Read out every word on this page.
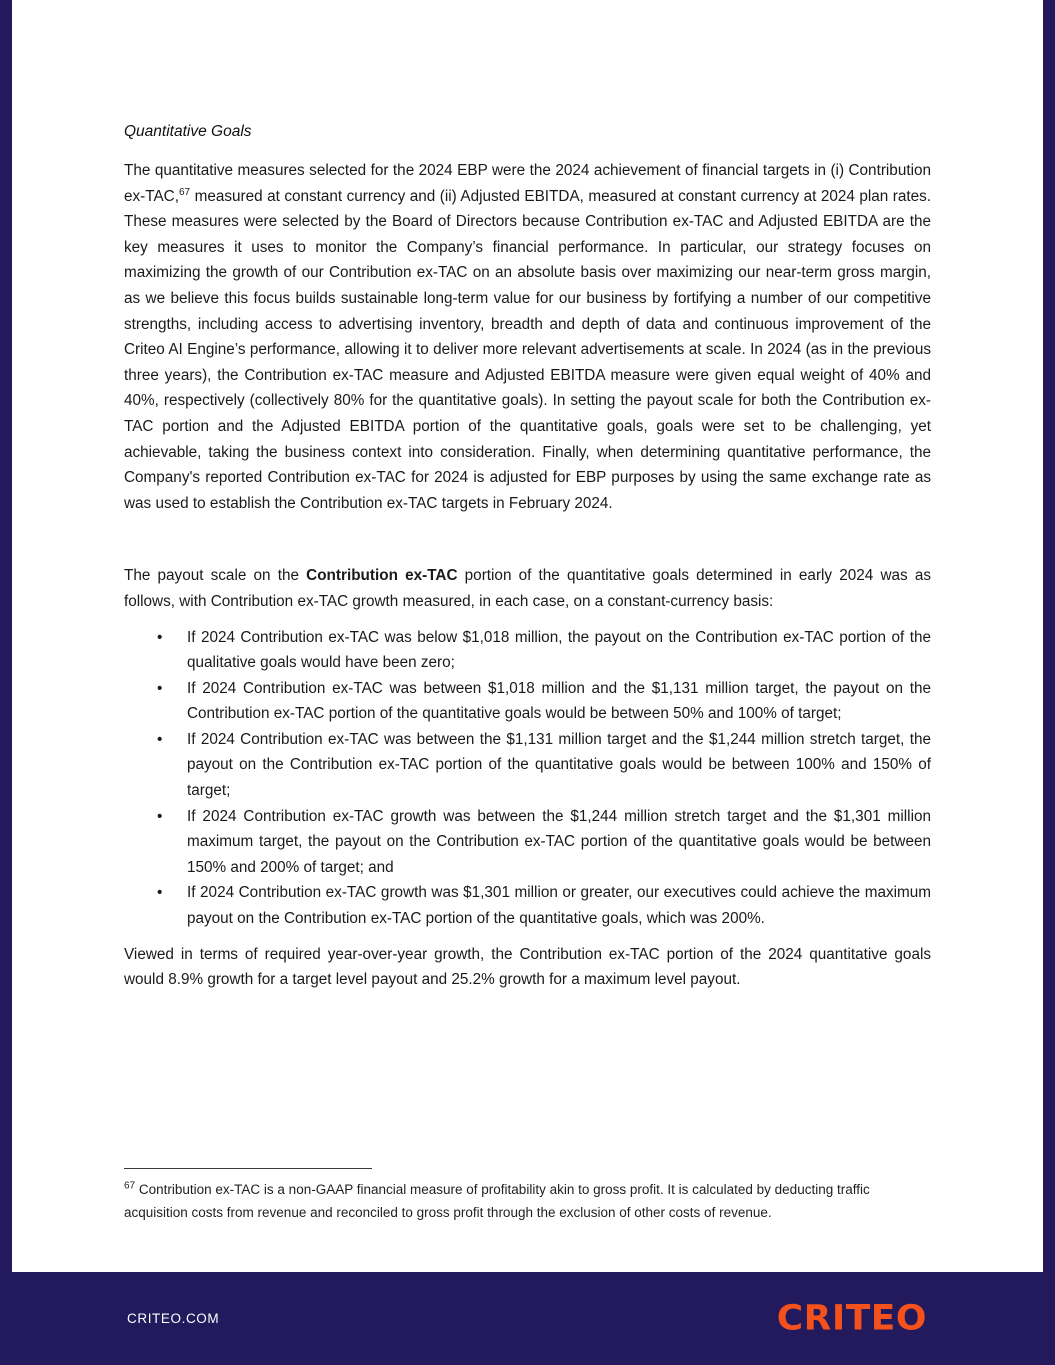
Quantitative Goals

The quantitative measures selected for the 2024 EBP were the 2024 achievement of financial targets in (i) Contribution ex-TAC,$^{67}$ measured at constant currency and (ii) Adjusted EBITDA, measured at constant currency at 2024 plan rates. These measures were selected by the Board of Directors because Contribution ex-TAC and Adjusted EBITDA are the key measures it uses to monitor the Company’s financial performance. In particular, our strategy focuses on maximizing the growth of our Contribution ex-TAC on an absolute basis over maximizing our near-term gross margin, as we believe this focus builds sustainable long-term value for our business by fortifying a number of our competitive strengths, including access to advertising inventory, breadth and depth of data and continuous improvement of the Criteo AI Engine’s performance, allowing it to deliver more relevant advertisements at scale. In 2024 (as in the previous three years), the Contribution ex-TAC measure and Adjusted EBITDA measure were given equal weight of 40% and 40%, respectively (collectively 80% for the quantitative goals). In setting the payout scale for both the Contribution ex-TAC portion and the Adjusted EBITDA portion of the quantitative goals, goals were set to be challenging, yet achievable, taking the business context into consideration. Finally, when determining quantitative performance, the Company's reported Contribution ex-TAC for 2024 is adjusted for EBP purposes by using the same exchange rate as was used to establish the Contribution ex-TAC targets in February 2024.

The payout scale on the Contribution ex-TAC portion of the quantitative goals determined in early 2024 was as follows, with Contribution ex-TAC growth measured, in each case, on a constant-currency basis:

• If 2024 Contribution ex-TAC was below $1,018 million, the payout on the Contribution ex-TAC portion of the qualitative goals would have been zero;
• If 2024 Contribution ex-TAC was between $1,018 million and the $1,131 million target, the payout on the Contribution ex-TAC portion of the quantitative goals would be between 50% and 100% of target;
• If 2024 Contribution ex-TAC was between the $1,131 million target and the $1,244 million stretch target, the payout on the Contribution ex-TAC portion of the quantitative goals would be between 100% and 150% of target;
• If 2024 Contribution ex-TAC growth was between the $1,244 million stretch target and the $1,301 million maximum target, the payout on the Contribution ex-TAC portion of the quantitative goals would be between 150% and 200% of target; and
• If 2024 Contribution ex-TAC growth was $1,301 million or greater, our executives could achieve the maximum payout on the Contribution ex-TAC portion of the quantitative goals, which was 200%.

Viewed in terms of required year-over-year growth, the Contribution ex-TAC portion of the 2024 quantitative goals would 8.9% growth for a target level payout and 25.2% growth for a maximum level payout.

$^{67}$ Contribution ex-TAC is a non-GAAP financial measure of profitability akin to gross profit. It is calculated by deducting traffic acquisition costs from revenue and reconciled to gross profit through the exclusion of other costs of revenue.

CRITEO.COM	CRITEO
